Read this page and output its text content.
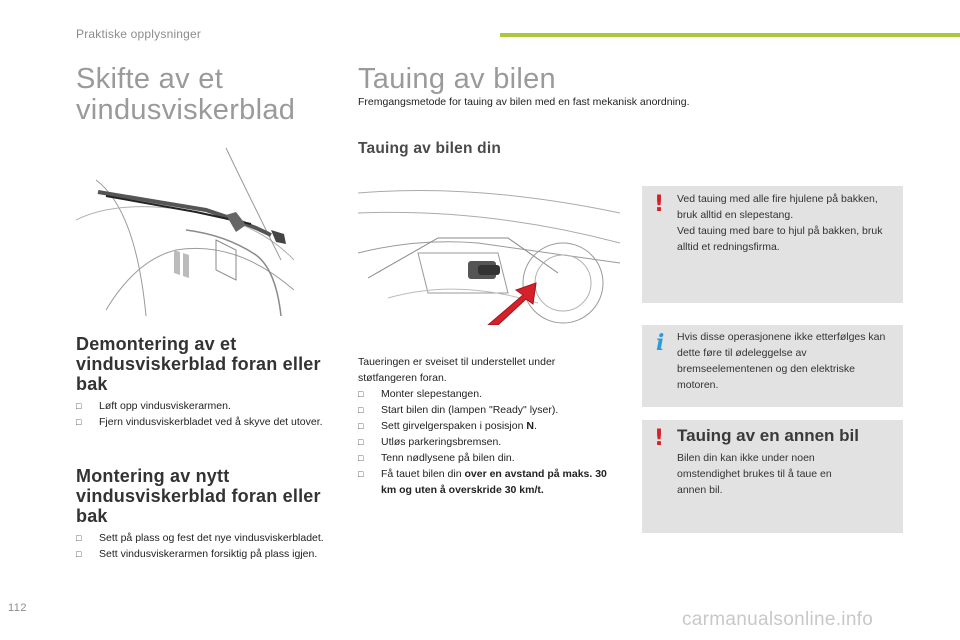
Praktiske opplysninger
Skifte av et vindusviskerblad
Demontering av et vindusviskerblad foran eller bak
□ Løft opp vindusviskerarmen.
□ Fjern vindusviskerbladet ved å skyve det utover.
Montering av nytt vindusviskerblad foran eller bak
□ Sett på plass og fest det nye vindusviskerbladet.
□ Sett vindusviskerarmen forsiktig på plass igjen.
Tauing av bilen

Fremgangsmetode for tauing av bilen med en fast mekanisk anordning.

Tauing av bilen din

Taueringen er sveiset til understellet under støtfangeren foran.

□ Monter slepestangen.
□ Start bilen din (lampen "Ready" lyser).
□ Sett girvelgerspaken i posisjon N.
□ Utløs parkeringsbremsen.
□ Tenn nødlysene på bilen din.
□ Få tauet bilen din over en avstand på maks. 30 km og uten å overskride 30 km/t.
! Ved tauing med alle fire hjulene på bakken, bruk alltid en slepestang.

Ved tauing med bare to hjul på bakken, bruk alltid et redningsfirma.

i Hvis disse operasjonene ikke etterfølges kan dette føre til ødeleggelse av bremseelementenen og den elektriske motoren.

! Tauing av en annen bil

Bilen din kan ikke under noen omstendighet brukes til å taue en annen bil.

112
carmanualsonline.info
